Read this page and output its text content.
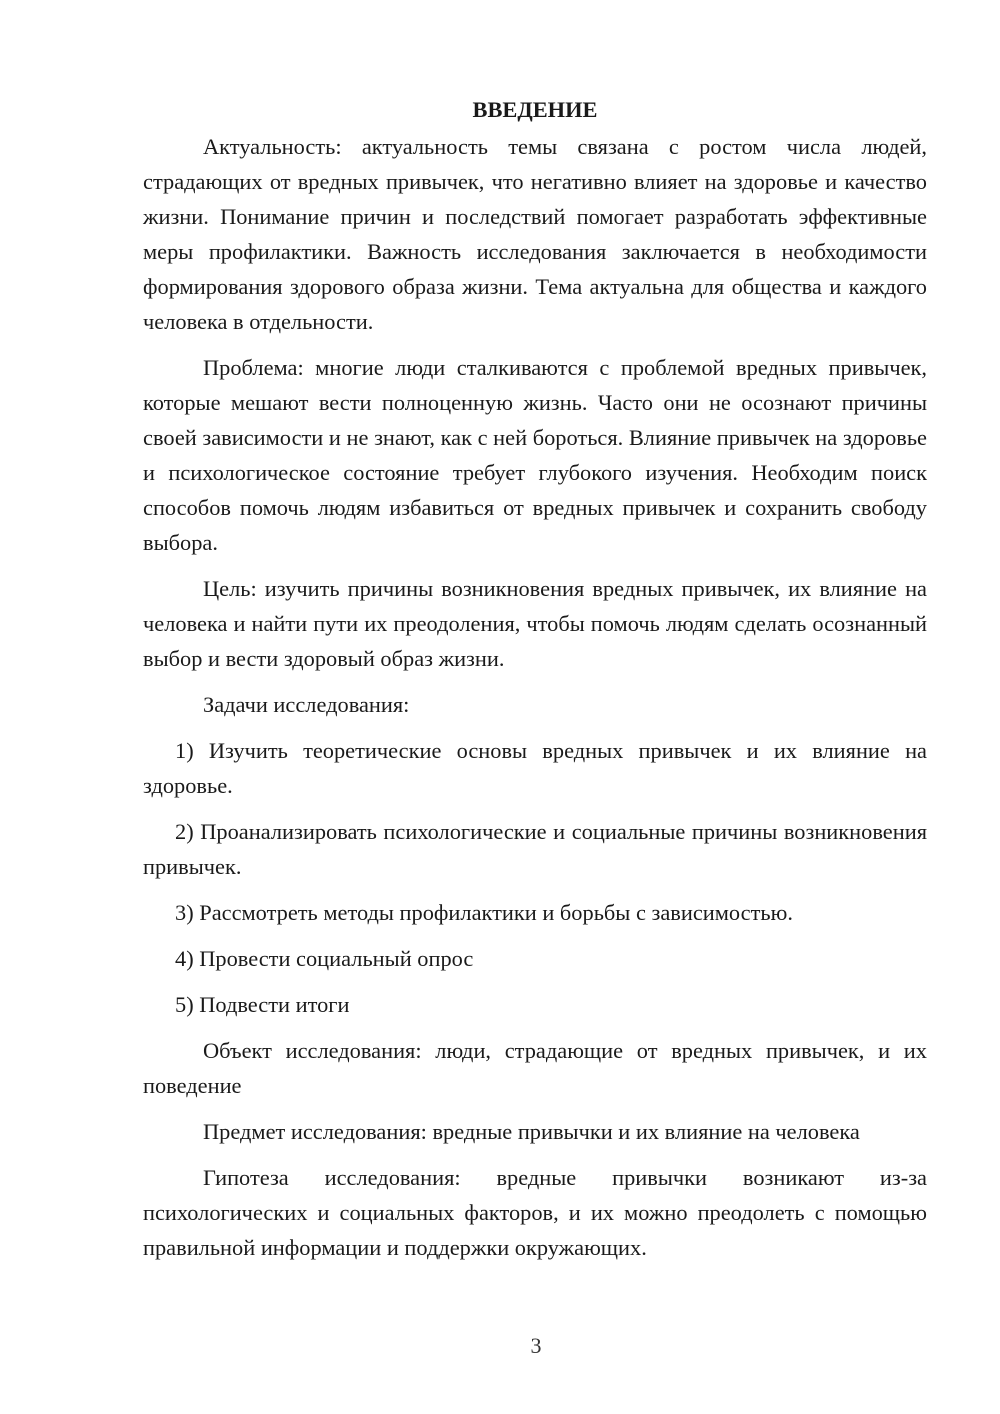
ВВЕДЕНИЕ

Актуальность: актуальность темы связана с ростом числа людей, страдающих от вредных привычек, что негативно влияет на здоровье и качество жизни. Понимание причин и последствий помогает разработать эффективные меры профилактики. Важность исследования заключается в необходимости формирования здорового образа жизни. Тема актуальна для общества и каждого человека в отдельности.

Проблема: многие люди сталкиваются с проблемой вредных привычек, которые мешают вести полноценную жизнь. Часто они не осознают причины своей зависимости и не знают, как с ней бороться. Влияние привычек на здоровье и психологическое состояние требует глубокого изучения. Необходим поиск способов помочь людям избавиться от вредных привычек и сохранить свободу выбора.

Цель: изучить причины возникновения вредных привычек, их влияние на человека и найти пути их преодоления, чтобы помочь людям сделать осознанный выбор и вести здоровый образ жизни.

Задачи исследования:

1) Изучить теоретические основы вредных привычек и их влияние на здоровье.

2) Проанализировать психологические и социальные причины возникновения привычек.

3) Рассмотреть методы профилактики и борьбы с зависимостью.

4) Провести социальный опрос

5) Подвести итоги

Объект исследования: люди, страдающие от вредных привычек, и их поведение

Предмет исследования: вредные привычки и их влияние на человека

Гипотеза исследования: вредные привычки возникают из-за психологических и социальных факторов, и их можно преодолеть с помощью правильной информации и поддержки окружающих.

3
